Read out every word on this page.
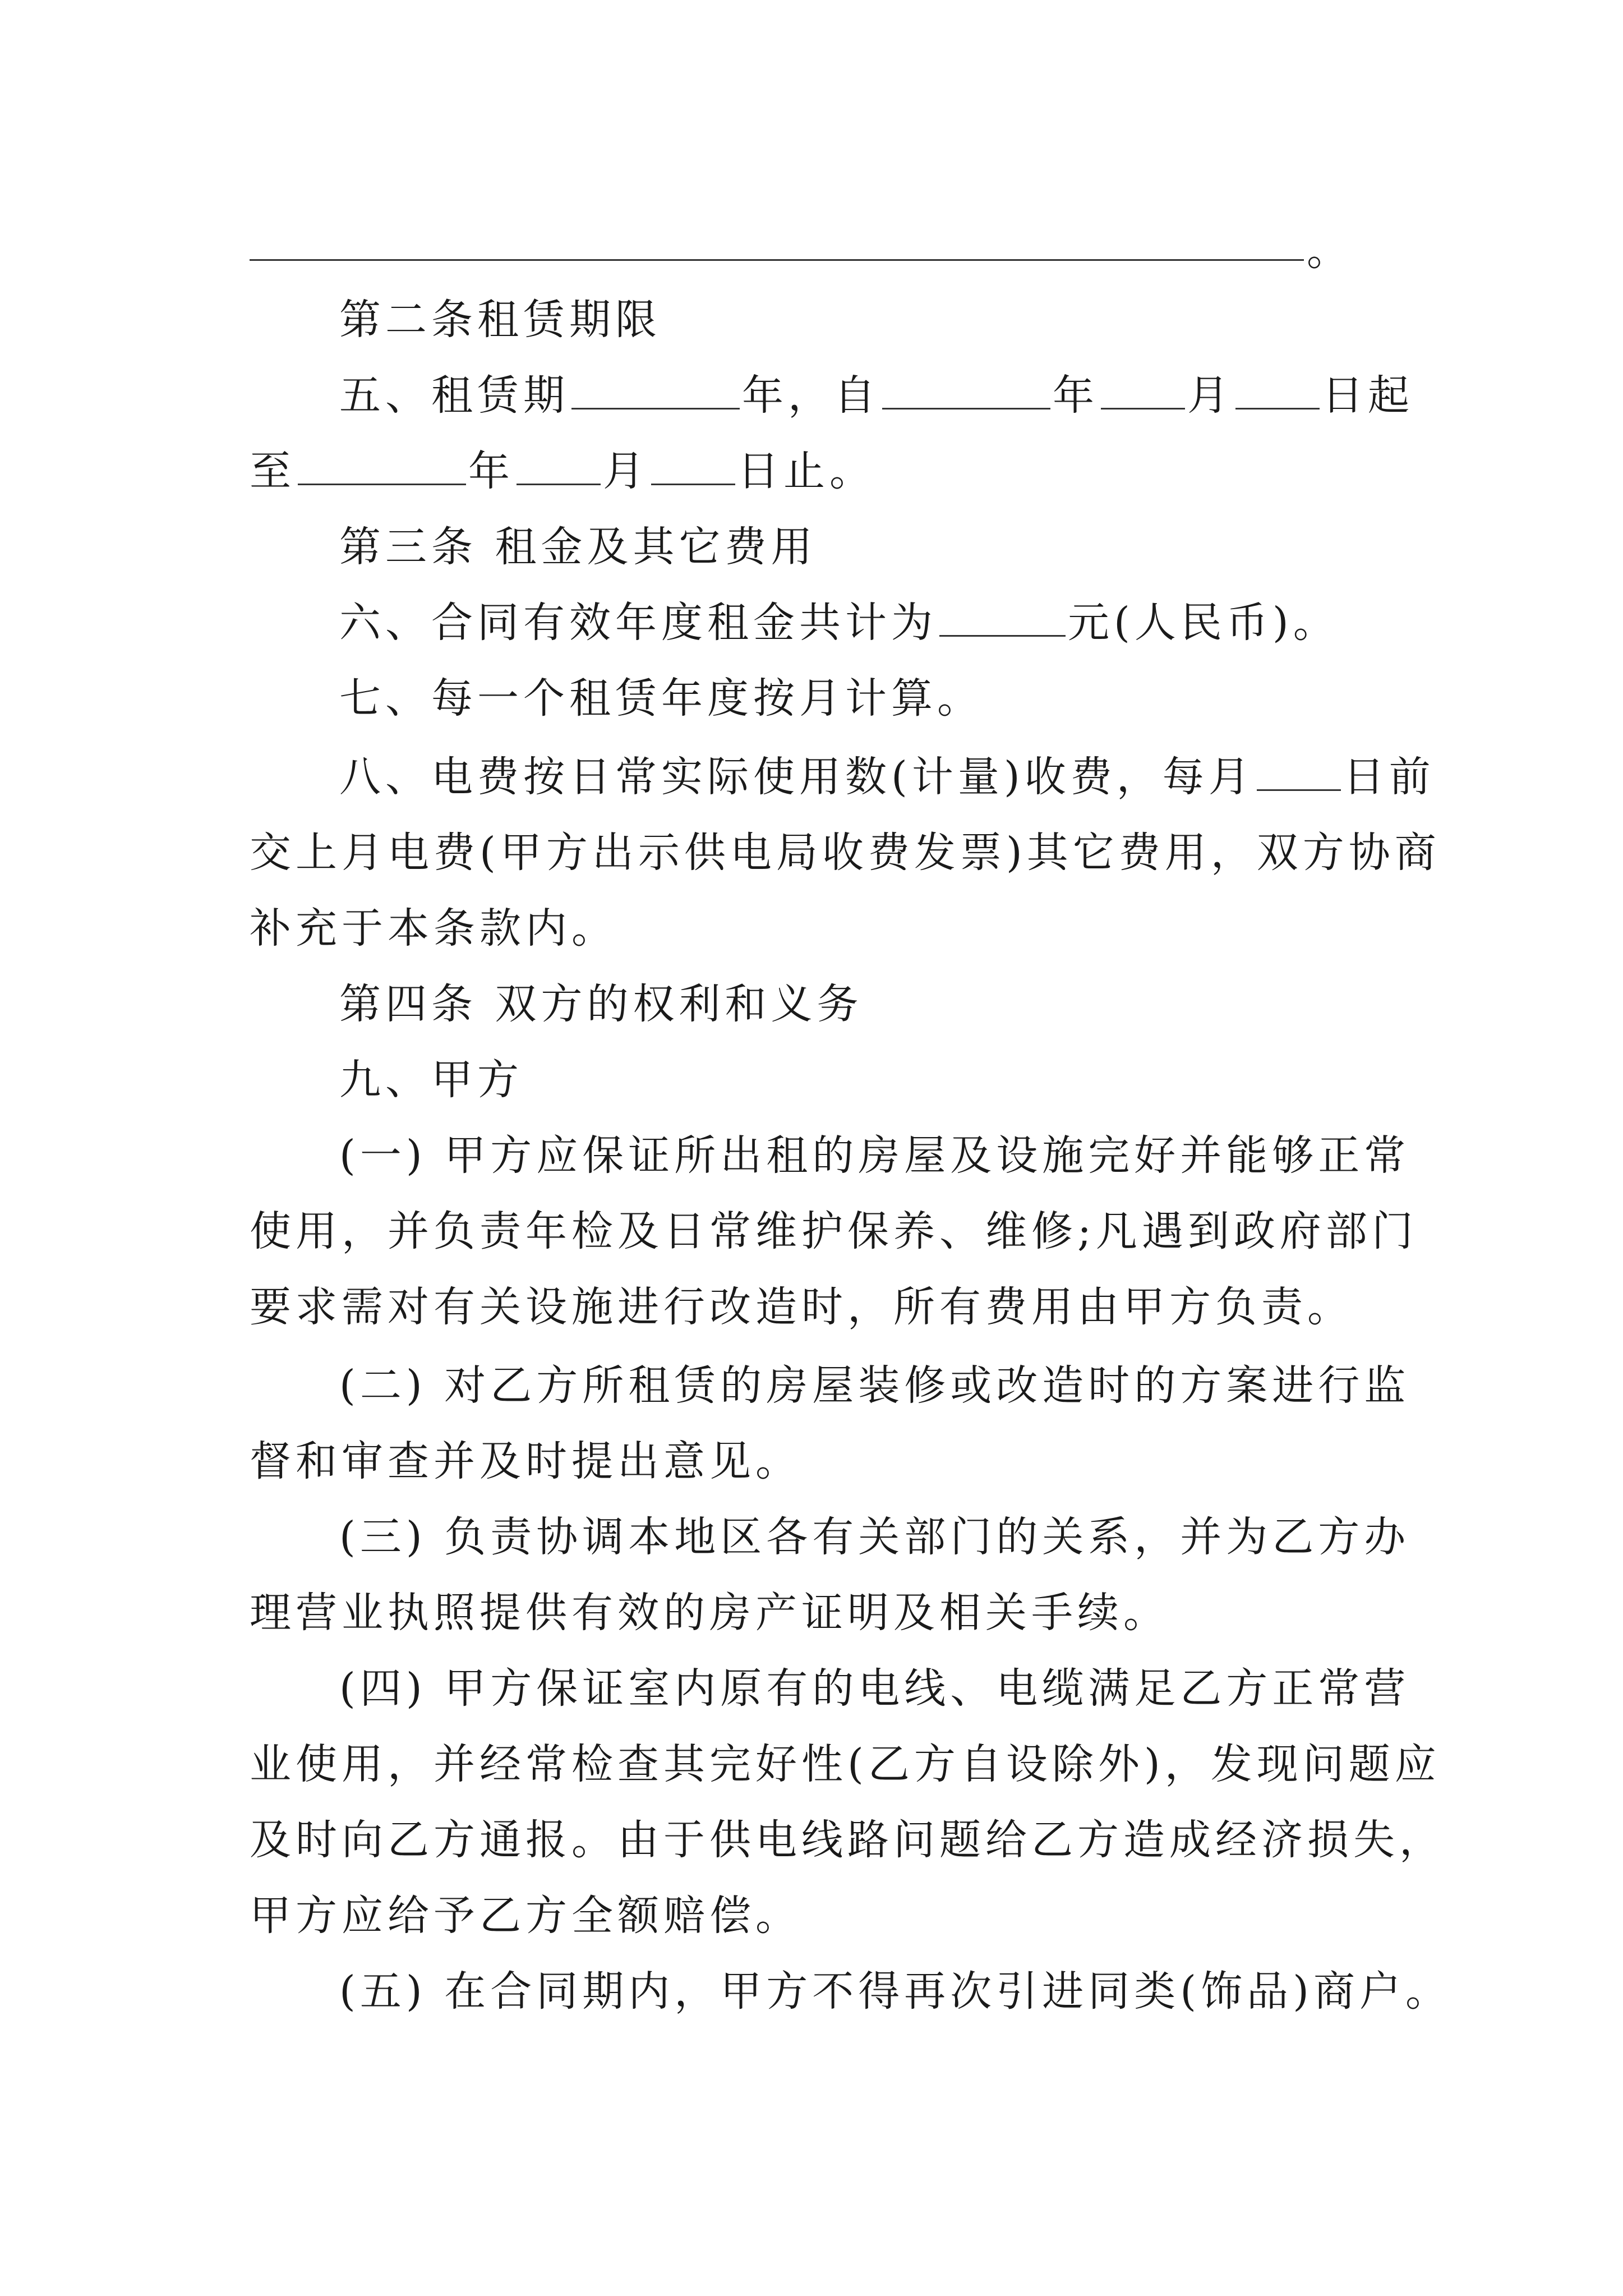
。
第二条租赁期限
五、租赁期	年，自	年 月 日起
至	年 月 日止。
第三条 租金及其它费用
六、合同有效年度租金共计为	元(人民币)。
七、每一个租赁年度按月计算。
八、电费按日常实际使用数(计量)收费，每月 日前
交上月电费(甲方出示供电局收费发票)其它费用，双方协商
补充于本条款内。
第四条 双方的权利和义务
九、甲方
(一) 甲方应保证所出租的房屋及设施完好并能够正常
使用，并负责年检及日常维护保养、维修;凡遇到政府部门
要求需对有关设施进行改造时，所有费用由甲方负责。
(二) 对乙方所租赁的房屋装修或改造时的方案进行监
督和审查并及时提出意见。
(三) 负责协调本地区各有关部门的关系，并为乙方办
理营业执照提供有效的房产证明及相关手续。
(四) 甲方保证室内原有的电线、电缆满足乙方正常营
业使用，并经常检查其完好性(乙方自设除外)，发现问题应
及时向乙方通报。由于供电线路问题给乙方造成经济损失，
甲方应给予乙方全额赔偿。
(五) 在合同期内，甲方不得再次引进同类(饰品)商户。
